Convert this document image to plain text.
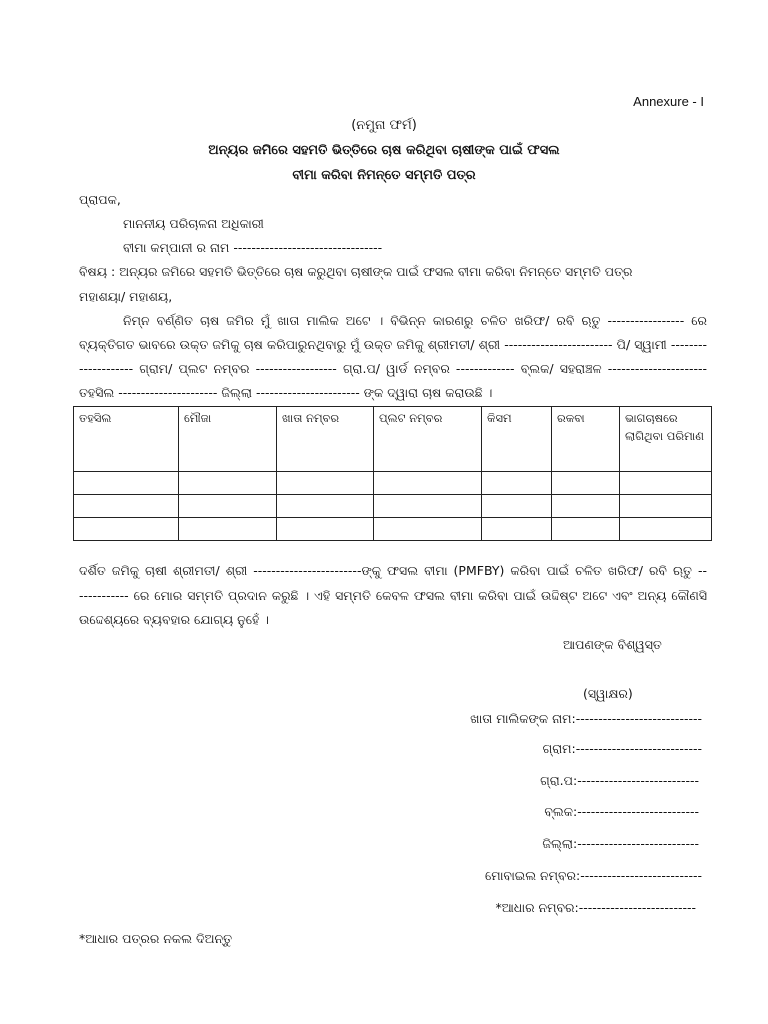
Annexure - I
(ନମୁନା ଫର୍ମ)
ଅନ୍ୟର ଜମିରେ ସହମତି ଭିତ୍ତିରେ ଚାଷ କରିଥିବା ଚାଷୀଙ୍କ ପାଇଁ ଫସଲ
ବୀମା କରିବା ନିମନ୍ତେ ସମ୍ମତି ପତ୍ର
ପ୍ରାପକ,
ମାନନୀୟ ପରିଚାଳନା ଅଧିକାରୀ
ବୀମା କମ୍ପାନୀ ର ନାମ ---------------------------------
ବିଷୟ : ଅନ୍ୟର ଜମିରେ ସହମତି ଭିତ୍ତିରେ ଚାଷ କରୁଥିବା ଚାଷୀଙ୍କ ପାଇଁ ଫସଲ ବୀମା କରିବା ନିମନ୍ତେ ସମ୍ମତି ପତ୍ର
ମହାଶୟା/ ମହାଶୟ,
ନିମ୍ନ ବର୍ଣ୍ଣିତ ଚାଷ ଜମିର ମୁଁ ଖାତା ମାଲିକ ଅଟେ । ବିଭିନ୍ନ କାରଣରୁ ଚଳିତ ଖରିଫ/ ରବି ଋତୁ ----------------- ରେ
ବ୍ୟକ୍ତିଗତ ଭାବରେ ଉକ୍ତ ଜମିକୁ ଚାଷ କରିପାରୁନଥିବାରୁ ମୁଁ ଉକ୍ତ ଜମିକୁ ଶ୍ରୀମତୀ/ ଶ୍ରୀ ------------------------ ପି/ ସ୍ୱାମୀ --------
------------ ଗ୍ରାମ/ ପ୍ଲଟ ନମ୍ବର ------------------ ଗ୍ରା.ପ/ ୱାର୍ଡ ନମ୍ବର ------------- ବ୍ଲକ/ ସହରାଞ୍ଚଳ ----------------------
ତହସିଲ ---------------------- ଜିଲ୍ଲା ----------------------- ଙ୍କ ଦ୍ୱାରା ଚାଷ କରାଉଛି ।
ତହସିଲ	ମୌଜା	ଖାତା ନମ୍ବର	ପ୍ଲଟ ନମ୍ବର	କିସମ	ରକବା	ଭାଗଚାଷରେ ଲାଗିଥିବା ପରିମାଣ

ଦର୍ଶିତ ଜମିକୁ ଚାଷୀ ଶ୍ରୀମତୀ/ ଶ୍ରୀ ------------------------ଙ୍କୁ ଫସଲ ବୀମା (PMFBY) କରିବା ପାଇଁ ଚଳିତ ଖରିଫ/ ରବି ଋତୁ --
----------- ରେ ମୋର ସମ୍ମତି ପ୍ରଦାନ କରୁଛି । ଏହି ସମ୍ମତି କେବଳ ଫସଲ ବୀମା କରିବା ପାଇଁ ଉଦ୍ଦିଷ୍ଟ ଅଟେ ଏବଂ ଅନ୍ୟ କୌଣସି
ଉଦ୍ଦେଶ୍ୟରେ ବ୍ୟବହାର ଯୋଗ୍ୟ ନୁହେଁ ।
ଆପଣଙ୍କ ବିଶ୍ୱସ୍ତ
(ସ୍ୱାକ୍ଷର)
ଖାତା ମାଲିକଙ୍କ ନାମ:----------------------------
ଗ୍ରାମ:----------------------------
ଗ୍ରା.ପ:---------------------------
ବ୍ଲକ:---------------------------
ଜିଲ୍ଲା:---------------------------
ମୋବାଇଲ ନମ୍ବର:---------------------------
*ଆଧାର ନମ୍ବର:--------------------------
*ଆଧାର ପତ୍ରର ନକଲ ଦିଅନ୍ତୁ
